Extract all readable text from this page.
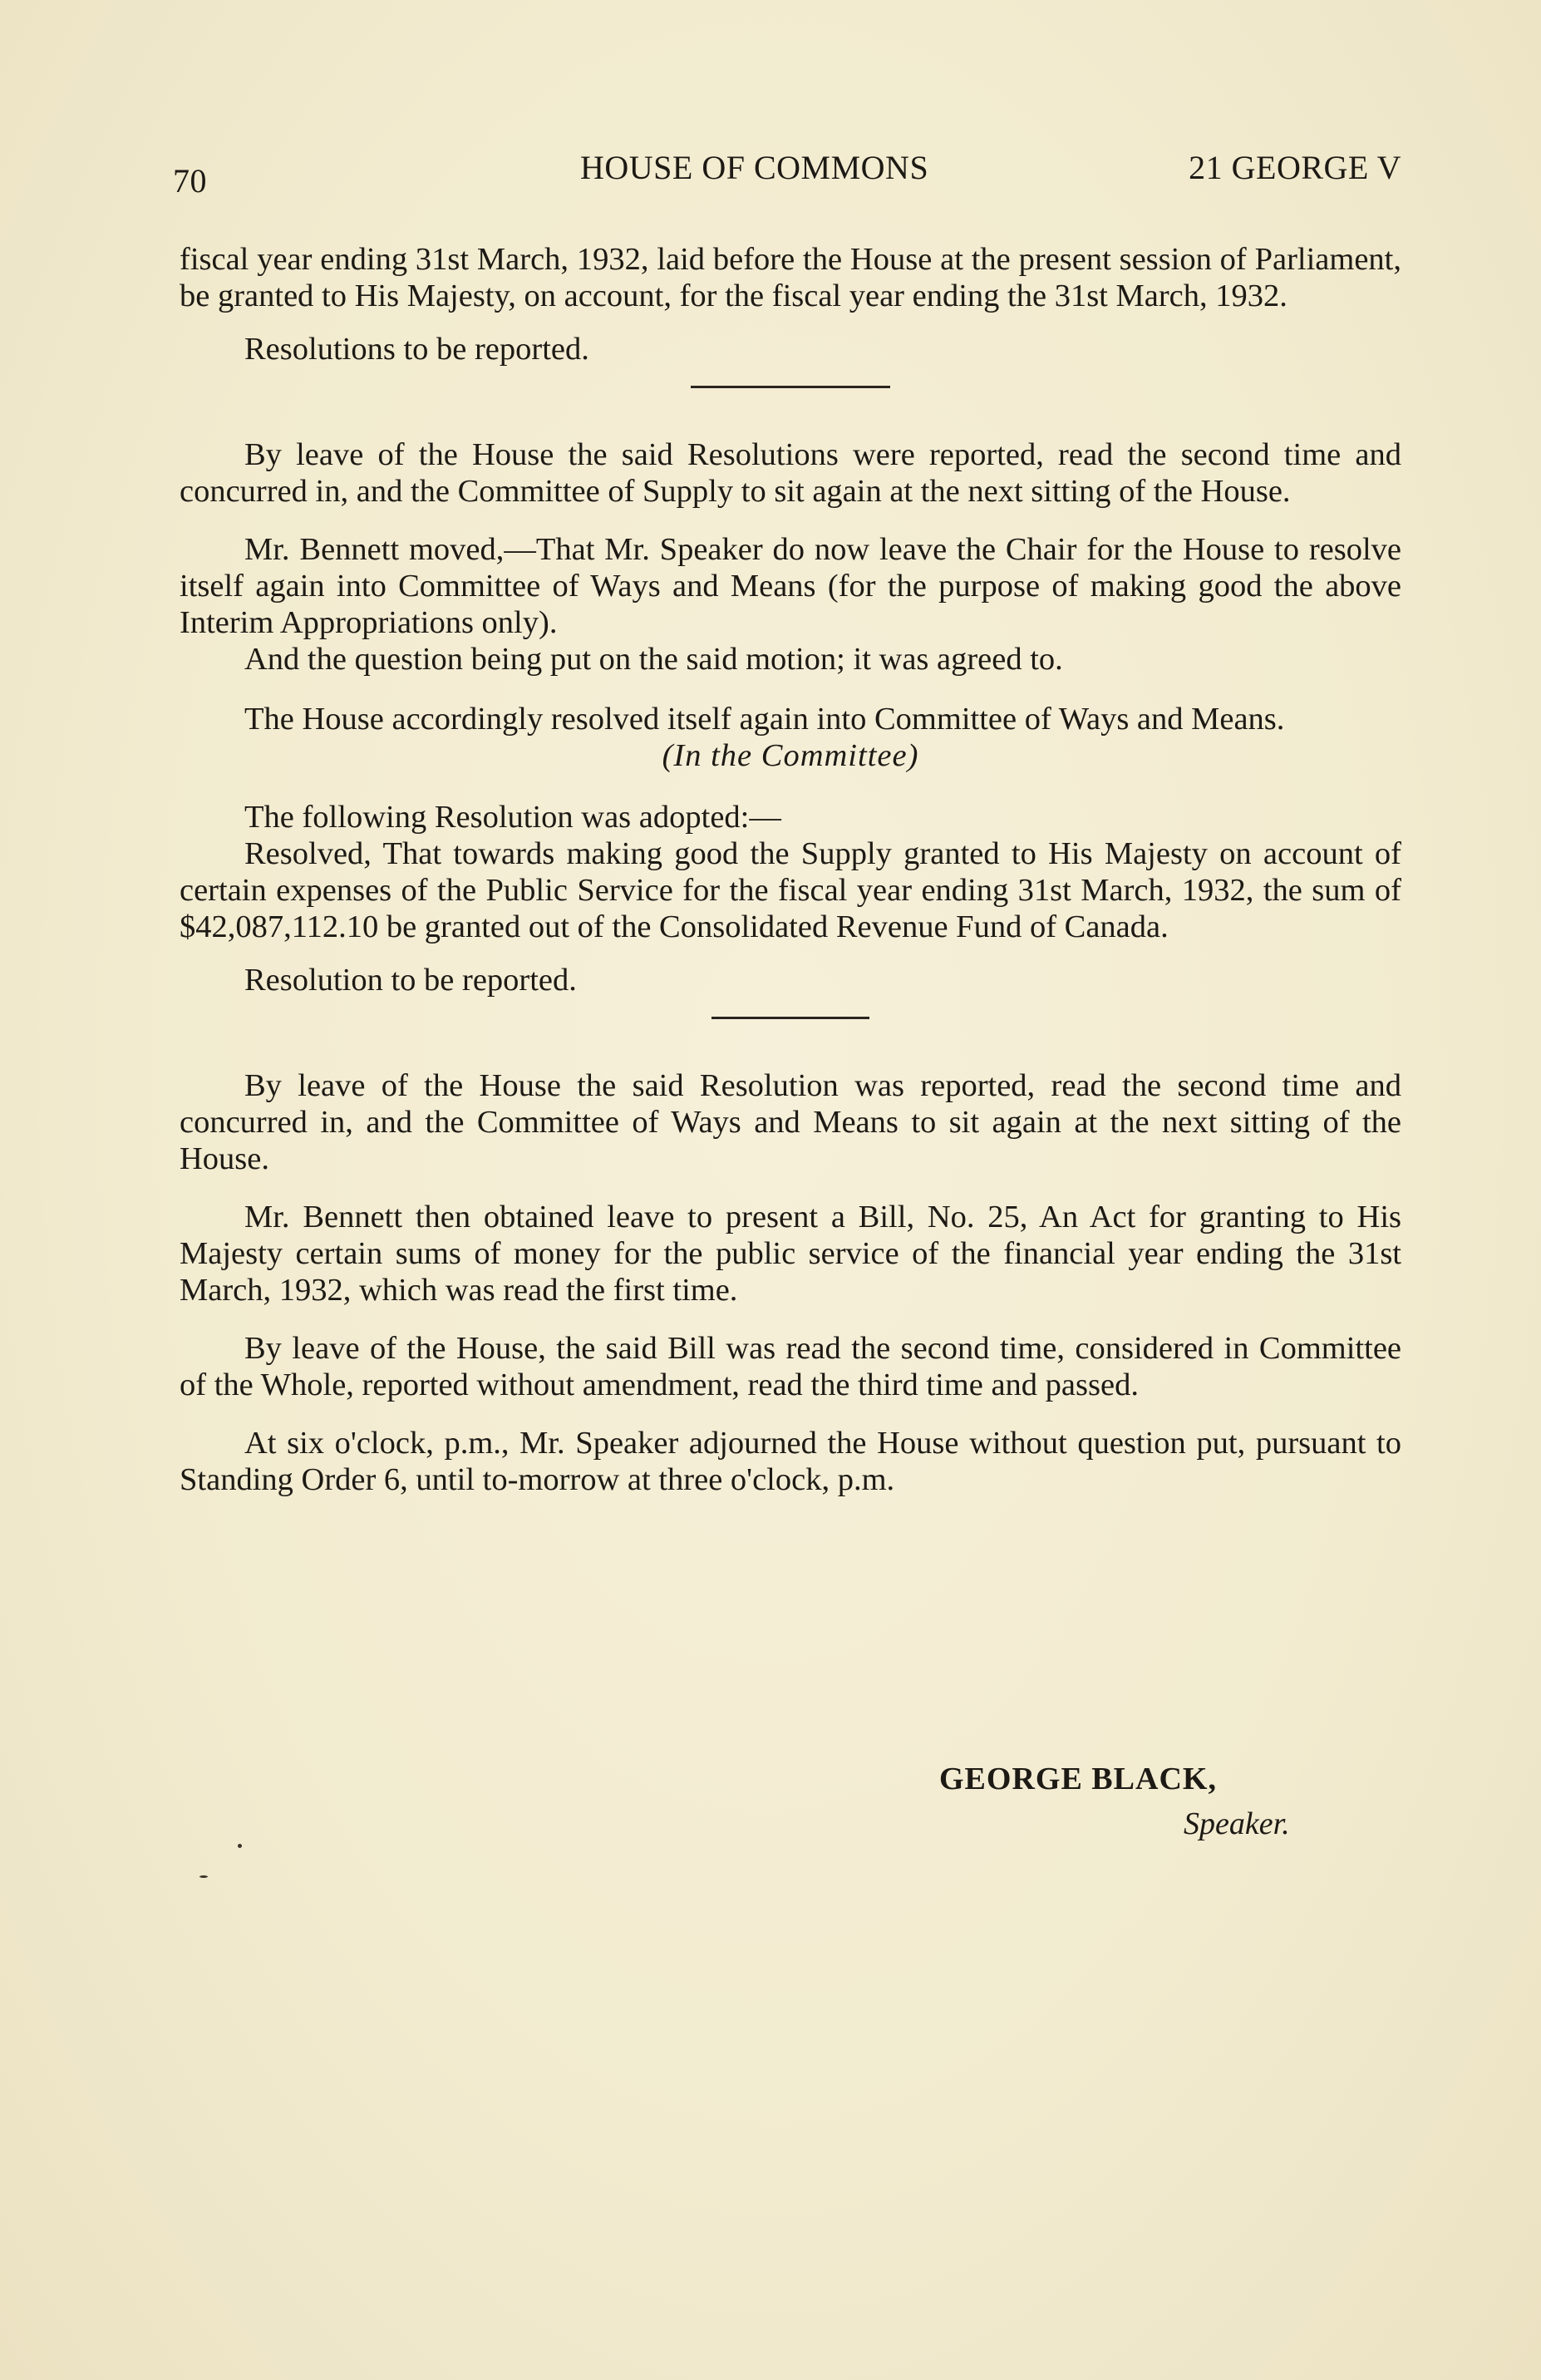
70	HOUSE OF COMMONS	21 GEORGE V

fiscal year ending 31st March, 1932, laid before the House at the present session of Parliament, be granted to His Majesty, on account, for the fiscal year ending the 31st March, 1932.

Resolutions to be reported.

By leave of the House the said Resolutions were reported, read the second time and concurred in, and the Committee of Supply to sit again at the next sitting of the House.

Mr. Bennett moved,—That Mr. Speaker do now leave the Chair for the House to resolve itself again into Committee of Ways and Means (for the purpose of making good the above Interim Appropriations only).

And the question being put on the said motion; it was agreed to.

The House accordingly resolved itself again into Committee of Ways and Means.

(In the Committee)

The following Resolution was adopted:—

Resolved, That towards making good the Supply granted to His Majesty on account of certain expenses of the Public Service for the fiscal year ending 31st March, 1932, the sum of $42,087,112.10 be granted out of the Consolidated Revenue Fund of Canada.

Resolution to be reported.

By leave of the House the said Resolution was reported, read the second time and concurred in, and the Committee of Ways and Means to sit again at the next sitting of the House.

Mr. Bennett then obtained leave to present a Bill, No. 25, An Act for granting to His Majesty certain sums of money for the public service of the financial year ending the 31st March, 1932, which was read the first time.

By leave of the House, the said Bill was read the second time, considered in Committee of the Whole, reported without amendment, read the third time and passed.

At six o'clock, p.m., Mr. Speaker adjourned the House without question put, pursuant to Standing Order 6, until to-morrow at three o'clock, p.m.

GEORGE BLACK,

Speaker.
